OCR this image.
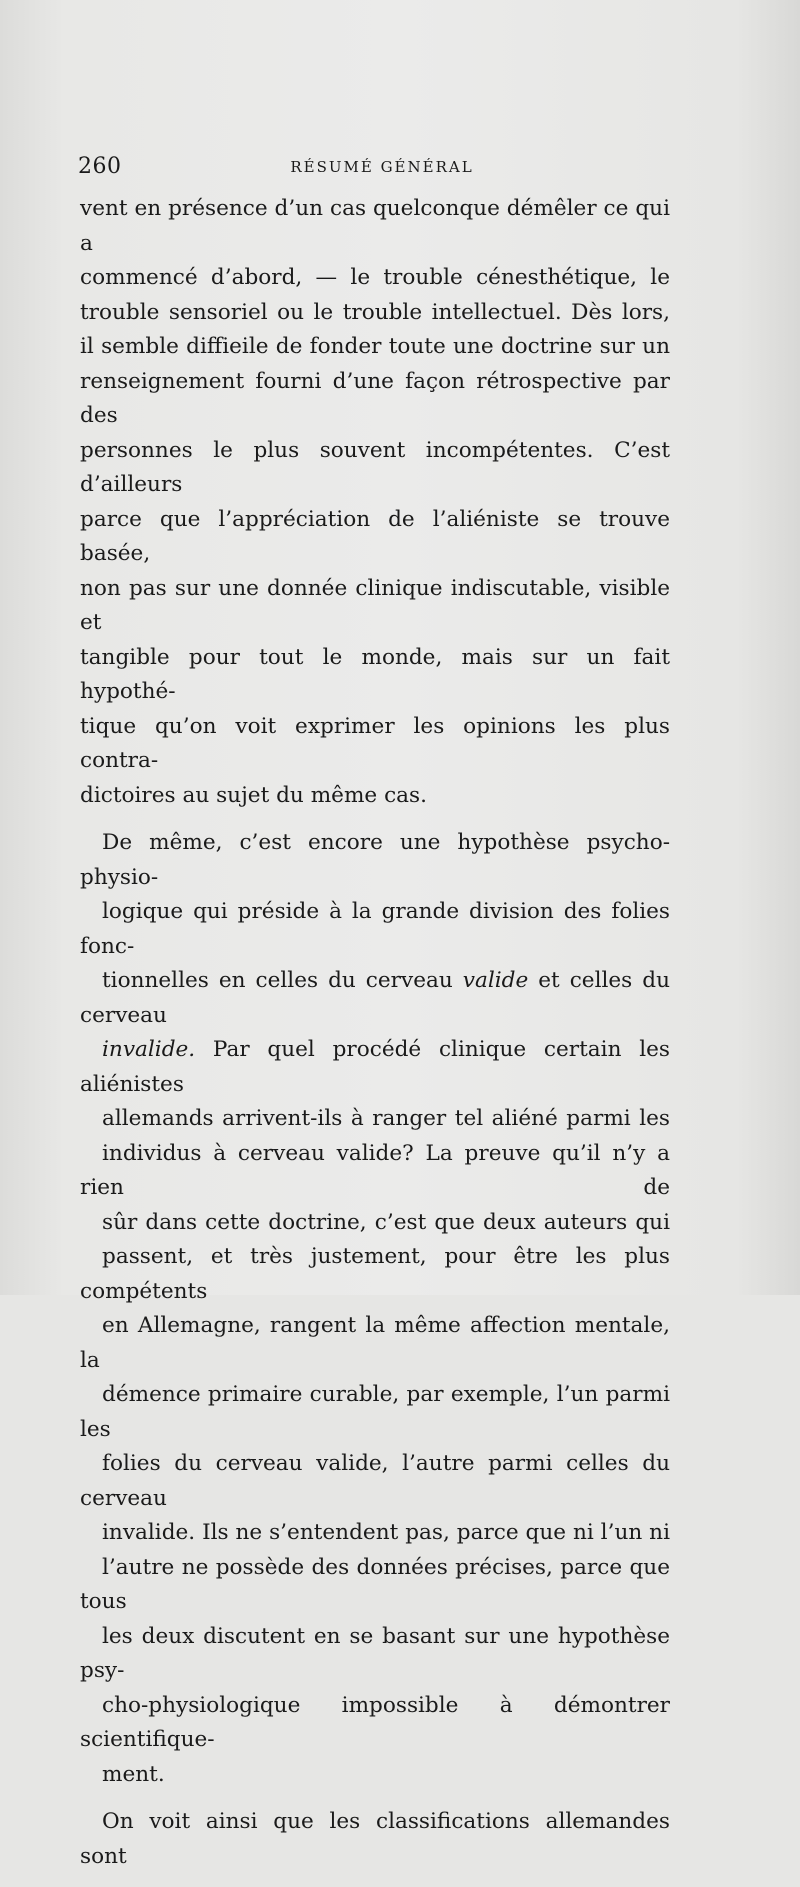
260	RÉSUMÉ GÉNÉRAL

vent en présence d’un cas quelconque démêler ce qui a
commencé d’abord, — le trouble cénesthétique, le
trouble sensoriel ou le trouble intellectuel. Dès lors,
il semble diffieile de fonder toute une doctrine sur un
renseignement fourni d’une façon rétrospective par des
personnes le plus souvent incompétentes. C’est d’ailleurs
parce que l’appréciation de l’aliéniste se trouve basée,
non pas sur une donnée clinique indiscutable, visible et
tangible pour tout le monde, mais sur un fait hypothé-
tique qu’on voit exprimer les opinions les plus contra-
dictoires au sujet du même cas.

De même, c’est encore une hypothèse psycho-physio-
logique qui préside à la grande division des folies fonc-
tionnelles en celles du cerveau valide et celles du cerveau
invalide. Par quel procédé clinique certain les aliénistes
allemands arrivent-ils à ranger tel aliéné parmi les
individus à cerveau valide? La preuve qu’il n’y a rien de
sûr dans cette doctrine, c’est que deux auteurs qui
passent, et très justement, pour être les plus compétents
en Allemagne, rangent la même affection mentale, la
démence primaire curable, par exemple, l’un parmi les
folies du cerveau valide, l’autre parmi celles du cerveau
invalide. Ils ne s’entendent pas, parce que ni l’un ni
l’autre ne possède des données précises, parce que tous
les deux discutent en se basant sur une hypothèse psy-
cho-physiologique impossible à démontrer scientifique-
ment.

On voit ainsi que les classifications allemandes sont
